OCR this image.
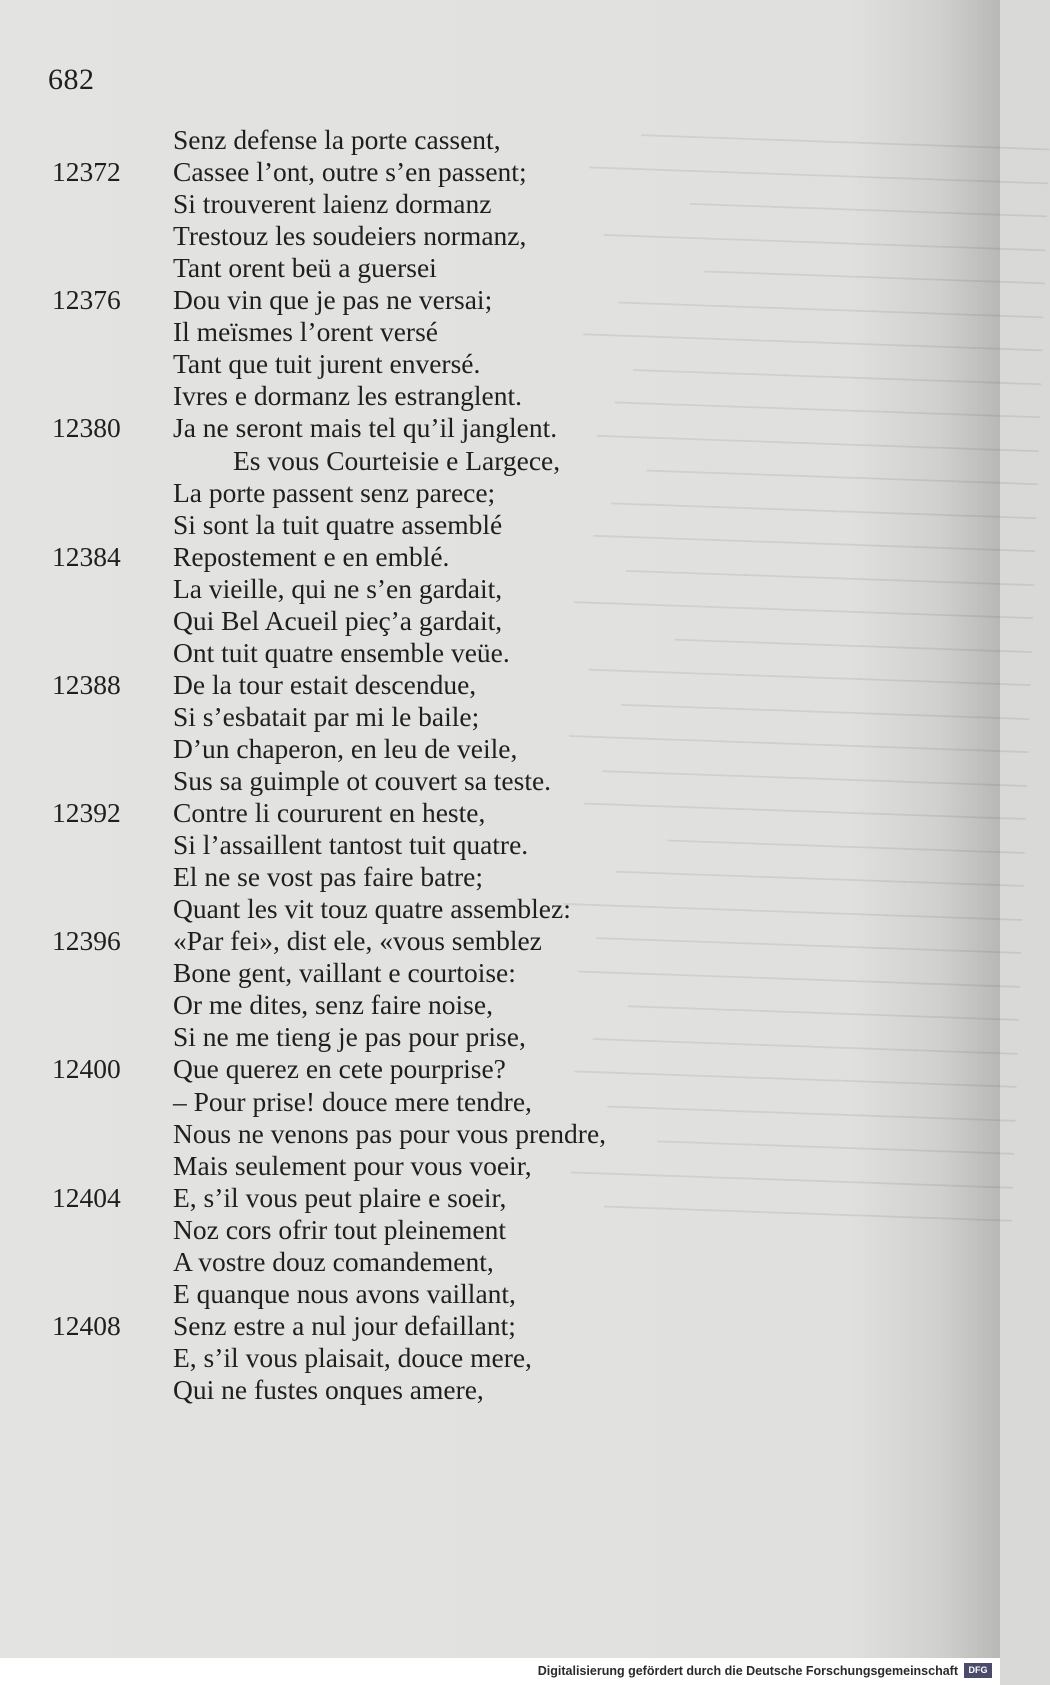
────────────────────────
───────────────────────────
─────────────────────
──────────────────────────
────────────────────
─────────────────────────
───────────────────────────
────────────────────────
─────────────────────────
──────────────────────────
───────────────────────
─────────────────────────
──────────────────────────
────────────────────────
───────────────────────────
─────────────────────
──────────────────────────
────────────────────────
───────────────────────────
─────────────────────────
──────────────────────────
─────────────────────
────────────────────────
───────────────────────────
─────────────────────────
──────────────────────────
───────────────────────
─────────────────────────
──────────────────────────
────────────────────────
─────────────────────
──────────────────────────
────────────────────────
682
Senz defense la porte cassent,
Cassee l’ont, outre s’en passent;
12372
Si trouverent laienz dormanz
Trestouz les soudeiers normanz,
Tant orent beü a guersei
Dou vin que je pas ne versai;
12376
Il meïsmes l’orent versé
Tant que tuit jurent enversé.
Ivres e dormanz les estranglent.
Ja ne seront mais tel qu’il janglent.
12380
Es vous Courteisie e Largece,
La porte passent senz parece;
Si sont la tuit quatre assemblé
Repostement e en emblé.
12384
La vieille, qui ne s’en gardait,
Qui Bel Acueil pieç’a gardait,
Ont tuit quatre ensemble veüe.
De la tour estait descendue,
12388
Si s’esbatait par mi le baile;
D’un chaperon, en leu de veile,
Sus sa guimple ot couvert sa teste.
Contre li coururent en heste,
12392
Si l’assaillent tantost tuit quatre.
El ne se vost pas faire batre;
Quant les vit touz quatre assemblez:
«Par fei», dist ele, «vous semblez
12396
Bone gent, vaillant e courtoise:
Or me dites, senz faire noise,
Si ne me tieng je pas pour prise,
Que querez en cete pourprise?
12400
– Pour prise! douce mere tendre,
Nous ne venons pas pour vous prendre,
Mais seulement pour vous voeir,
E, s’il vous peut plaire e soeir,
12404
Noz cors ofrir tout pleinement
A vostre douz comandement,
E quanque nous avons vaillant,
Senz estre a nul jour defaillant;
12408
E, s’il vous plaisait, douce mere,
Qui ne fustes onques amere,
Digitalisierung gefördert durch die Deutsche Forschungsgemeinschaft	DFG
